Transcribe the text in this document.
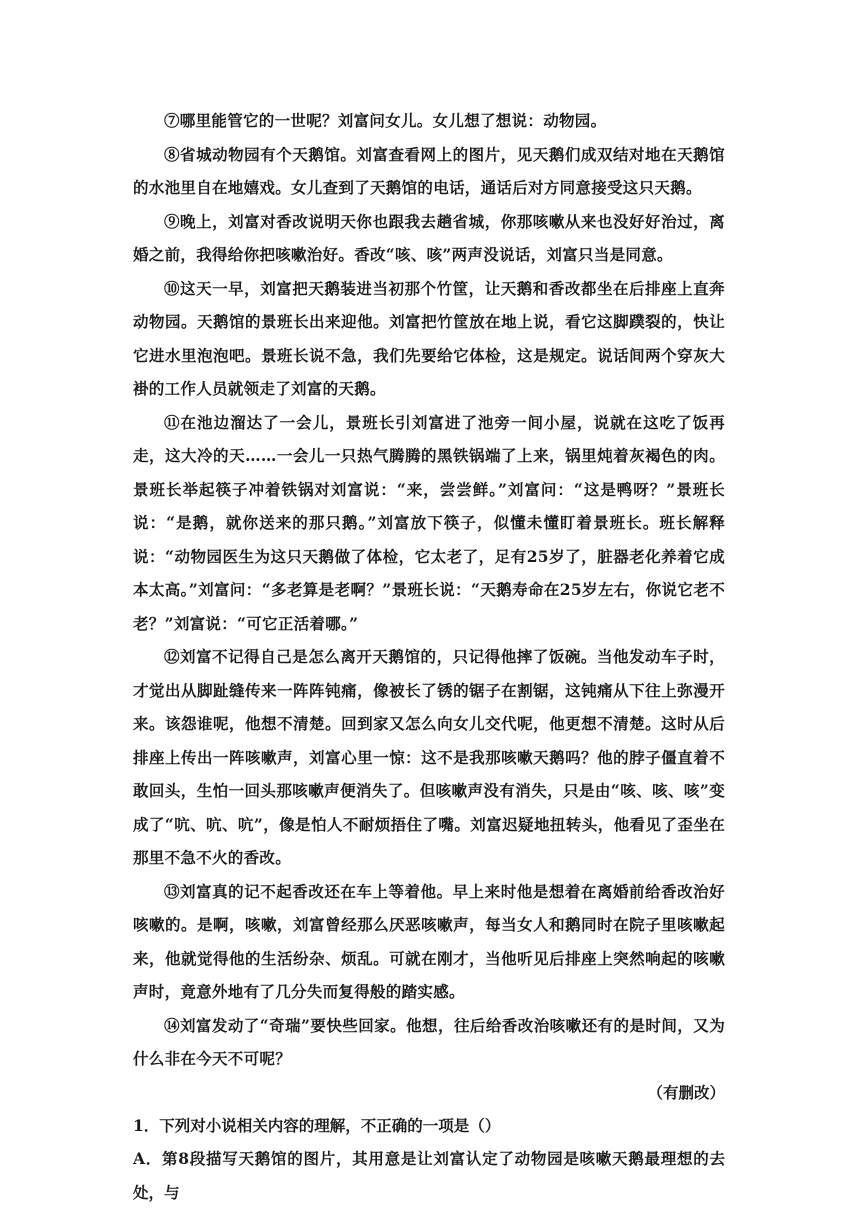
⑦哪里能管它的一世呢？刘富问女儿。女儿想了想说：动物园。

⑧省城动物园有个天鹅馆。刘富查看网上的图片，见天鹅们成双结对地在天鹅馆的水池里自在地嬉戏。女儿查到了天鹅馆的电话，通话后对方同意接受这只天鹅。

⑨晚上，刘富对香改说明天你也跟我去趟省城，你那咳嗽从来也没好好治过，离婚之前，我得给你把咳嗽治好。香改“咳、咳”两声没说话，刘富只当是同意。

⑩这天一早，刘富把天鹅装进当初那个竹筐，让天鹅和香改都坐在后排座上直奔动物园。天鹅馆的景班长出来迎他。刘富把竹筐放在地上说，看它这脚蹼裂的，快让它进水里泡泡吧。景班长说不急，我们先要给它体检，这是规定。说话间两个穿灰大褂的工作人员就领走了刘富的天鹅。

⑪在池边溜达了一会儿，景班长引刘富进了池旁一间小屋，说就在这吃了饭再走，这大冷的天……一会儿一只热气腾腾的黑铁锅端了上来，锅里炖着灰褐色的肉。景班长举起筷子冲着铁锅对刘富说：“来，尝尝鲜。”刘富问：“这是鸭呀？”景班长说：“是鹅，就你送来的那只鹅。”刘富放下筷子，似懂未懂盯着景班长。班长解释说：“动物园医生为这只天鹅做了体检，它太老了，足有25岁了，脏器老化养着它成本太高。”刘富问：“多老算是老啊？”景班长说：“天鹅寿命在25岁左右，你说它老不老？”刘富说：“可它正活着哪。”

⑫刘富不记得自己是怎么离开天鹅馆的，只记得他摔了饭碗。当他发动车子时，才觉出从脚趾缝传来一阵阵钝痛，像被长了锈的锯子在割锯，这钝痛从下往上弥漫开来。该怨谁呢，他想不清楚。回到家又怎么向女儿交代呢，他更想不清楚。这时从后排座上传出一阵咳嗽声，刘富心里一惊：这不是我那咳嗽天鹅吗？他的脖子僵直着不敢回头，生怕一回头那咳嗽声便消失了。但咳嗽声没有消失，只是由“咳、咳、咳”变成了“吭、吭、吭”，像是怕人不耐烦捂住了嘴。刘富迟疑地扭转头，他看见了歪坐在那里不急不火的香改。

⑬刘富真的记不起香改还在车上等着他。早上来时他是想着在离婚前给香改治好咳嗽的。是啊，咳嗽，刘富曾经那么厌恶咳嗽声，每当女人和鹅同时在院子里咳嗽起来，他就觉得他的生活纷杂、烦乱。可就在刚才，当他听见后排座上突然响起的咳嗽声时，竟意外地有了几分失而复得般的踏实感。

⑭刘富发动了“奇瑞”要快些回家。他想，往后给香改治咳嗽还有的是时间，又为什么非在今天不可呢？

（有删改）

1．下列对小说相关内容的理解，不正确的一项是（）

A．第8段描写天鹅馆的图片，其用意是让刘富认定了动物园是咳嗽天鹅最理想的去处，与
